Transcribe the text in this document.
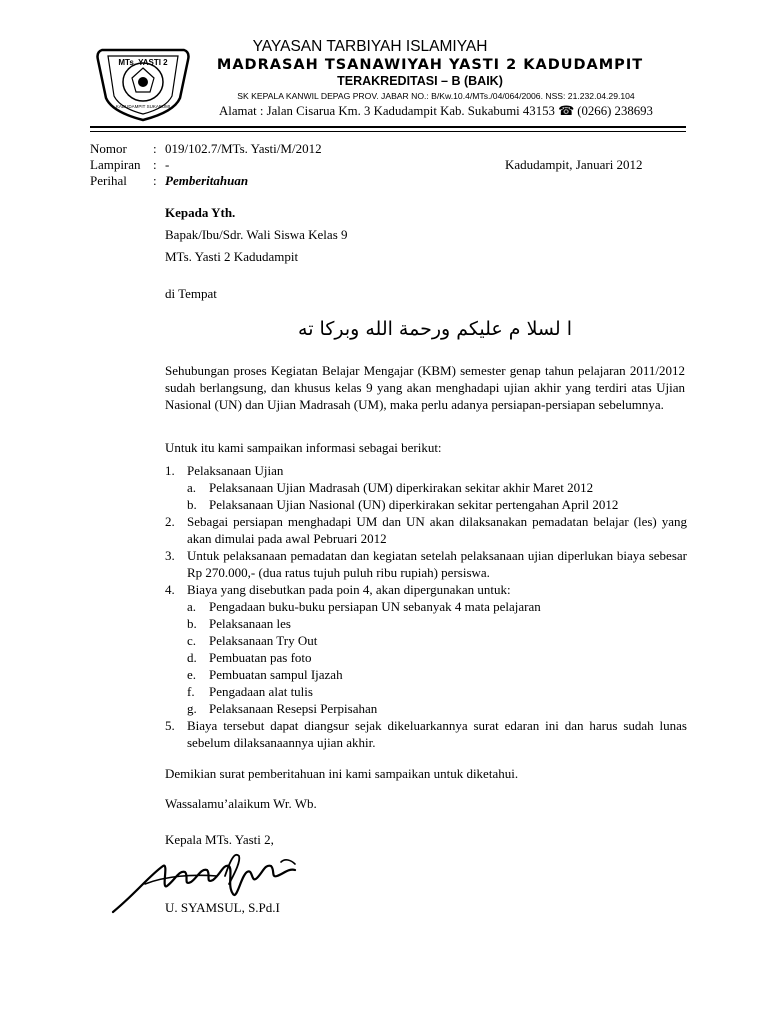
MTs. YASTI 2
KADUDAMPIT SUKABUMI
YAYASAN TARBIYAH ISLAMIYAH
MADRASAH TSANAWIYAH YASTI 2 KADUDAMPIT
TERAKREDITASI – B (BAIK)
SK KEPALA KANWIL DEPAG PROV. JABAR NO.: B/Kw.10.4/MTs./04/064/2006. NSS: 21.232.04.29.104
Alamat : Jalan Cisarua Km. 3 Kadudampit Kab. Sukabumi 43153 ☎ (0266) 238693
Nomor : 019/102.7/MTs. Yasti/M/2012
Lampiran : -	Kadudampit, Januari 2012
Perihal : Pemberitahuan
Kepada Yth.
Bapak/Ibu/Sdr. Wali Siswa Kelas 9
MTs. Yasti 2 Kadudampit
di Tempat
ا لسلا م عليكم ورحمة الله وبركا ته
Sehubungan proses Kegiatan Belajar Mengajar (KBM) semester genap tahun pelajaran 2011/2012 sudah berlangsung, dan khusus kelas 9 yang akan menghadapi ujian akhir yang terdiri atas Ujian Nasional (UN) dan Ujian Madrasah (UM), maka perlu adanya persiapan-persiapan sebelumnya.
Untuk itu kami sampaikan informasi sebagai berikut:
1. Pelaksanaan Ujian
a. Pelaksanaan Ujian Madrasah (UM) diperkirakan sekitar akhir Maret 2012
b. Pelaksanaan Ujian Nasional (UN) diperkirakan sekitar pertengahan April 2012
2. Sebagai persiapan menghadapi UM dan UN akan dilaksanakan pemadatan belajar (les) yang akan dimulai pada awal Pebruari 2012
3. Untuk pelaksanaan pemadatan dan kegiatan setelah pelaksanaan ujian diperlukan biaya sebesar Rp 270.000,- (dua ratus tujuh puluh ribu rupiah) persiswa.
4. Biaya yang disebutkan pada poin 4, akan dipergunakan untuk:
a. Pengadaan buku-buku persiapan UN sebanyak 4 mata pelajaran
b. Pelaksanaan les
c. Pelaksanaan Try Out
d. Pembuatan pas foto
e. Pembuatan sampul Ijazah
f. Pengadaan alat tulis
g. Pelaksanaan Resepsi Perpisahan
5. Biaya tersebut dapat diangsur sejak dikeluarkannya surat edaran ini dan harus sudah lunas sebelum dilaksanaannya ujian akhir.
Demikian surat pemberitahuan ini kami sampaikan untuk diketahui.
Wassalamu’alaikum Wr. Wb.
Kepala MTs. Yasti 2,
U. SYAMSUL, S.Pd.I
